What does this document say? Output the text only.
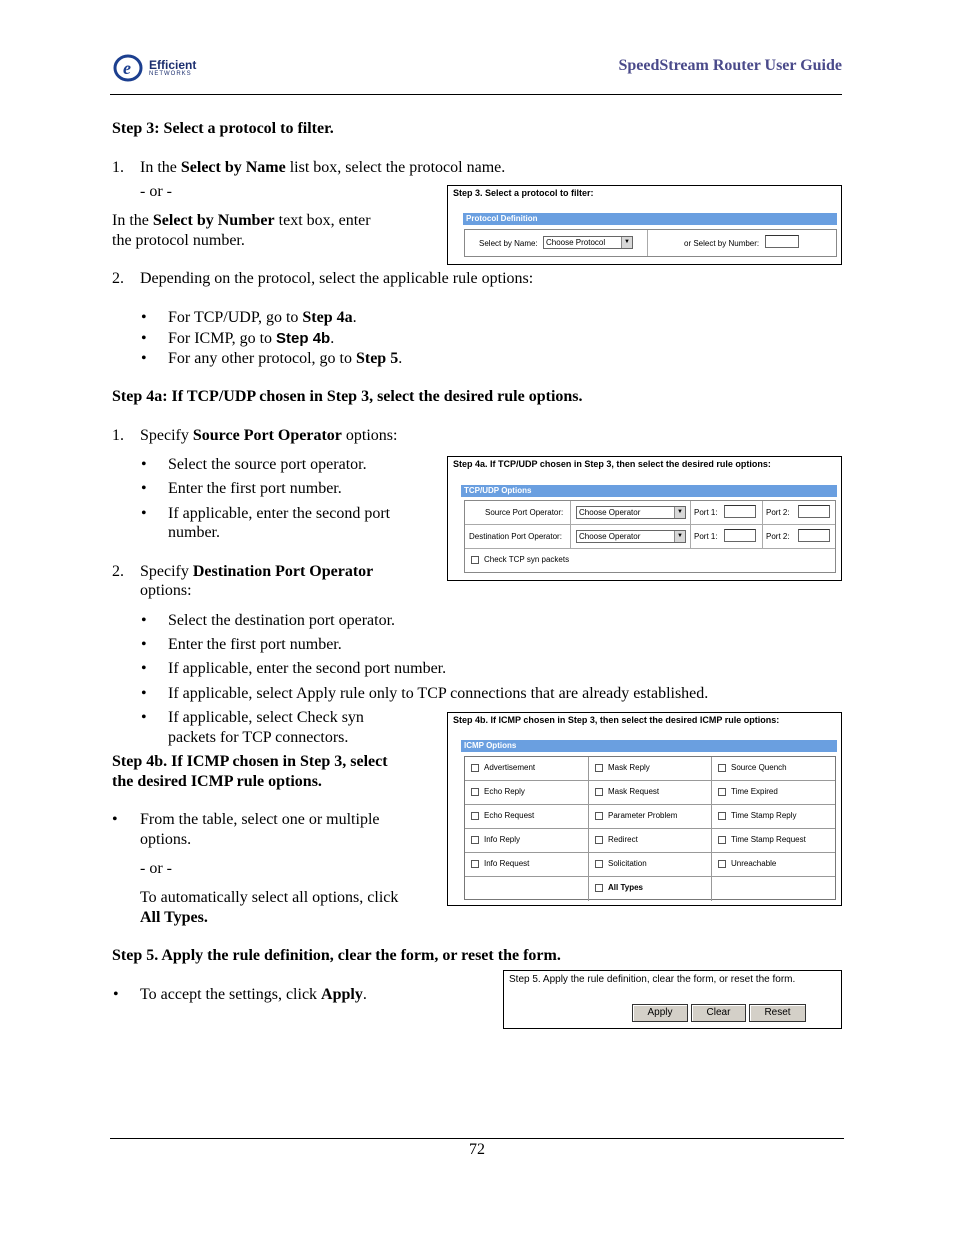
e Efficient
NETWORKS	SpeedStream Router User Guide
Step 3: Select a protocol to filter.
1. In the Select by Name list box, select the protocol name.
- or -
In the Select by Number text box, enter
the protocol number.
2. Depending on the protocol, select the applicable rule options:
• For TCP/UDP, go to Step 4a.
• For ICMP, go to Step 4b.
• For any other protocol, go to Step 5.
Step 3. Select a protocol to filter:
Protocol Definition
Select by Name:	Choose Protocol	▼	or Select by Number:
Step 4a: If TCP/UDP chosen in Step 3, select the desired rule options.
1. Specify Source Port Operator options:
• Select the source port operator.
• Enter the first port number.
• If applicable, enter the second port
number.
2. Specify Destination Port Operator
options:
• Select the destination port operator.
• Enter the first port number.
• If applicable, enter the second port number.
• If applicable, select Apply rule only to TCP connections that are already established.
• If applicable, select Check syn
packets for TCP connectors.
Step 4a. If TCP/UDP chosen in Step 3, then select the desired rule options:
TCP/UDP Options
Source Port Operator:	Choose Operator	▼ Port 1:	Port 2:
Destination Port Operator:	Choose Operator	▼ Port 1:	Port 2:
Check TCP syn packets
Step 4b. If ICMP chosen in Step 3, select
the desired ICMP rule options.
• From the table, select one or multiple
options.
- or -
To automatically select all options, click
All Types.
Step 4b. If ICMP chosen in Step 3, then select the desired ICMP rule options:
ICMP Options
Advertisement	Mask Reply	Source Quench
Echo Reply	Mask Request	Time Expired
Echo Request	Parameter Problem	Time Stamp Reply
Info Reply	Redirect	Time Stamp Request
Info Request	Solicitation	Unreachable
All Types
Step 5. Apply the rule definition, clear the form, or reset the form.
• To accept the settings, click Apply.
Step 5. Apply the rule definition, clear the form, or reset the form.
Apply	Clear	Reset
72
